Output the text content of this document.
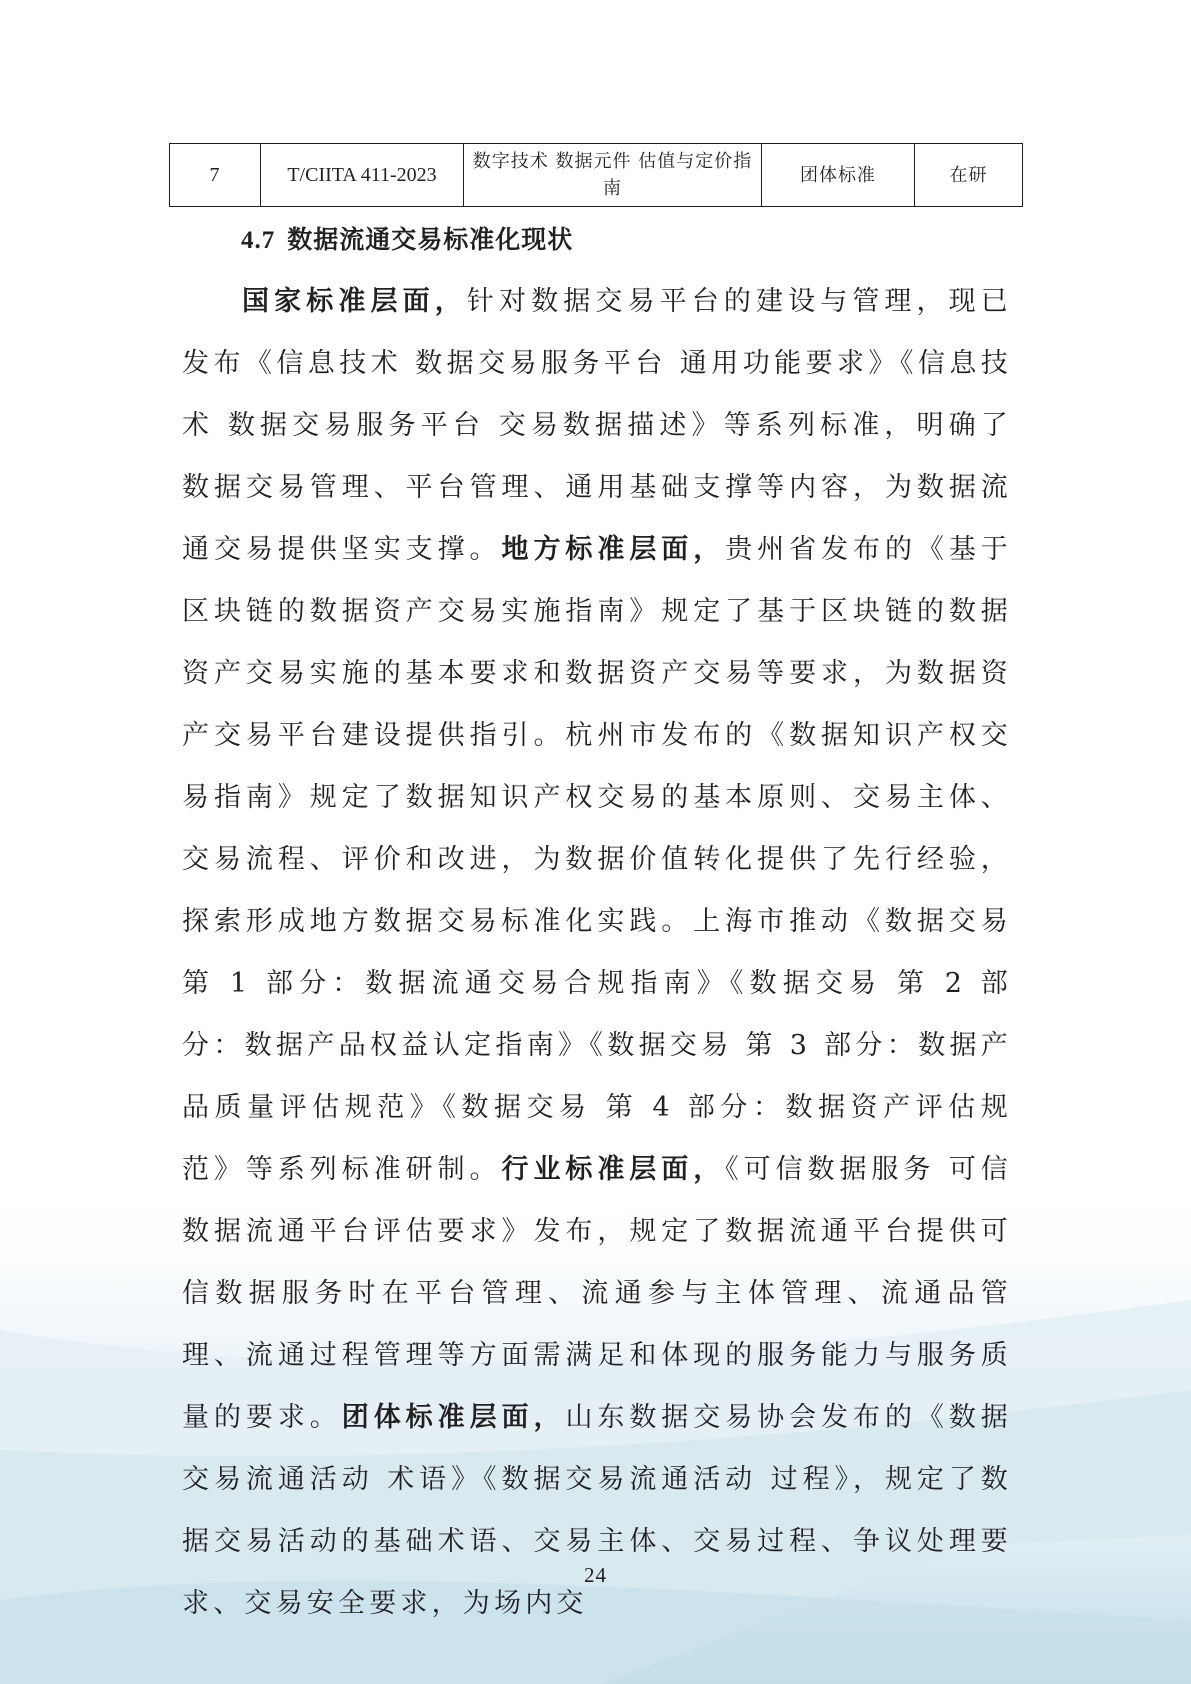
7	T/CIITA 411-2023	数字技术 数据元件 估值与定价指南	团体标准	在研
4.7 数据流通交易标准化现状
国家标准层面，针对数据交易平台的建设与管理，现已发布《信息技术 数据交易服务平台 通用功能要求》《信息技术 数据交易服务平台 交易数据描述》等系列标准，明确了数据交易管理、平台管理、通用基础支撑等内容，为数据流通交易提供坚实支撑。地方标准层面，贵州省发布的《基于区块链的数据资产交易实施指南》规定了基于区块链的数据资产交易实施的基本要求和数据资产交易等要求，为数据资产交易平台建设提供指引。杭州市发布的《数据知识产权交易指南》规定了数据知识产权交易的基本原则、交易主体、交易流程、评价和改进，为数据价值转化提供了先行经验，探索形成地方数据交易标准化实践。上海市推动《数据交易 第 1 部分：数据流通交易合规指南》《数据交易 第 2 部分：数据产品权益认定指南》《数据交易 第 3 部分：数据产品质量评估规范》《数据交易 第 4 部分：数据资产评估规范》等系列标准研制。行业标准层面，《可信数据服务 可信数据流通平台评估要求》发布，规定了数据流通平台提供可信数据服务时在平台管理、流通参与主体管理、流通品管理、流通过程管理等方面需满足和体现的服务能力与服务质量的要求。团体标准层面，山东数据交易协会发布的《数据交易流通活动 术语》《数据交易流通活动 过程》，规定了数据交易活动的基础术语、交易主体、交易过程、争议处理要求、交易安全要求，为场内交
24
